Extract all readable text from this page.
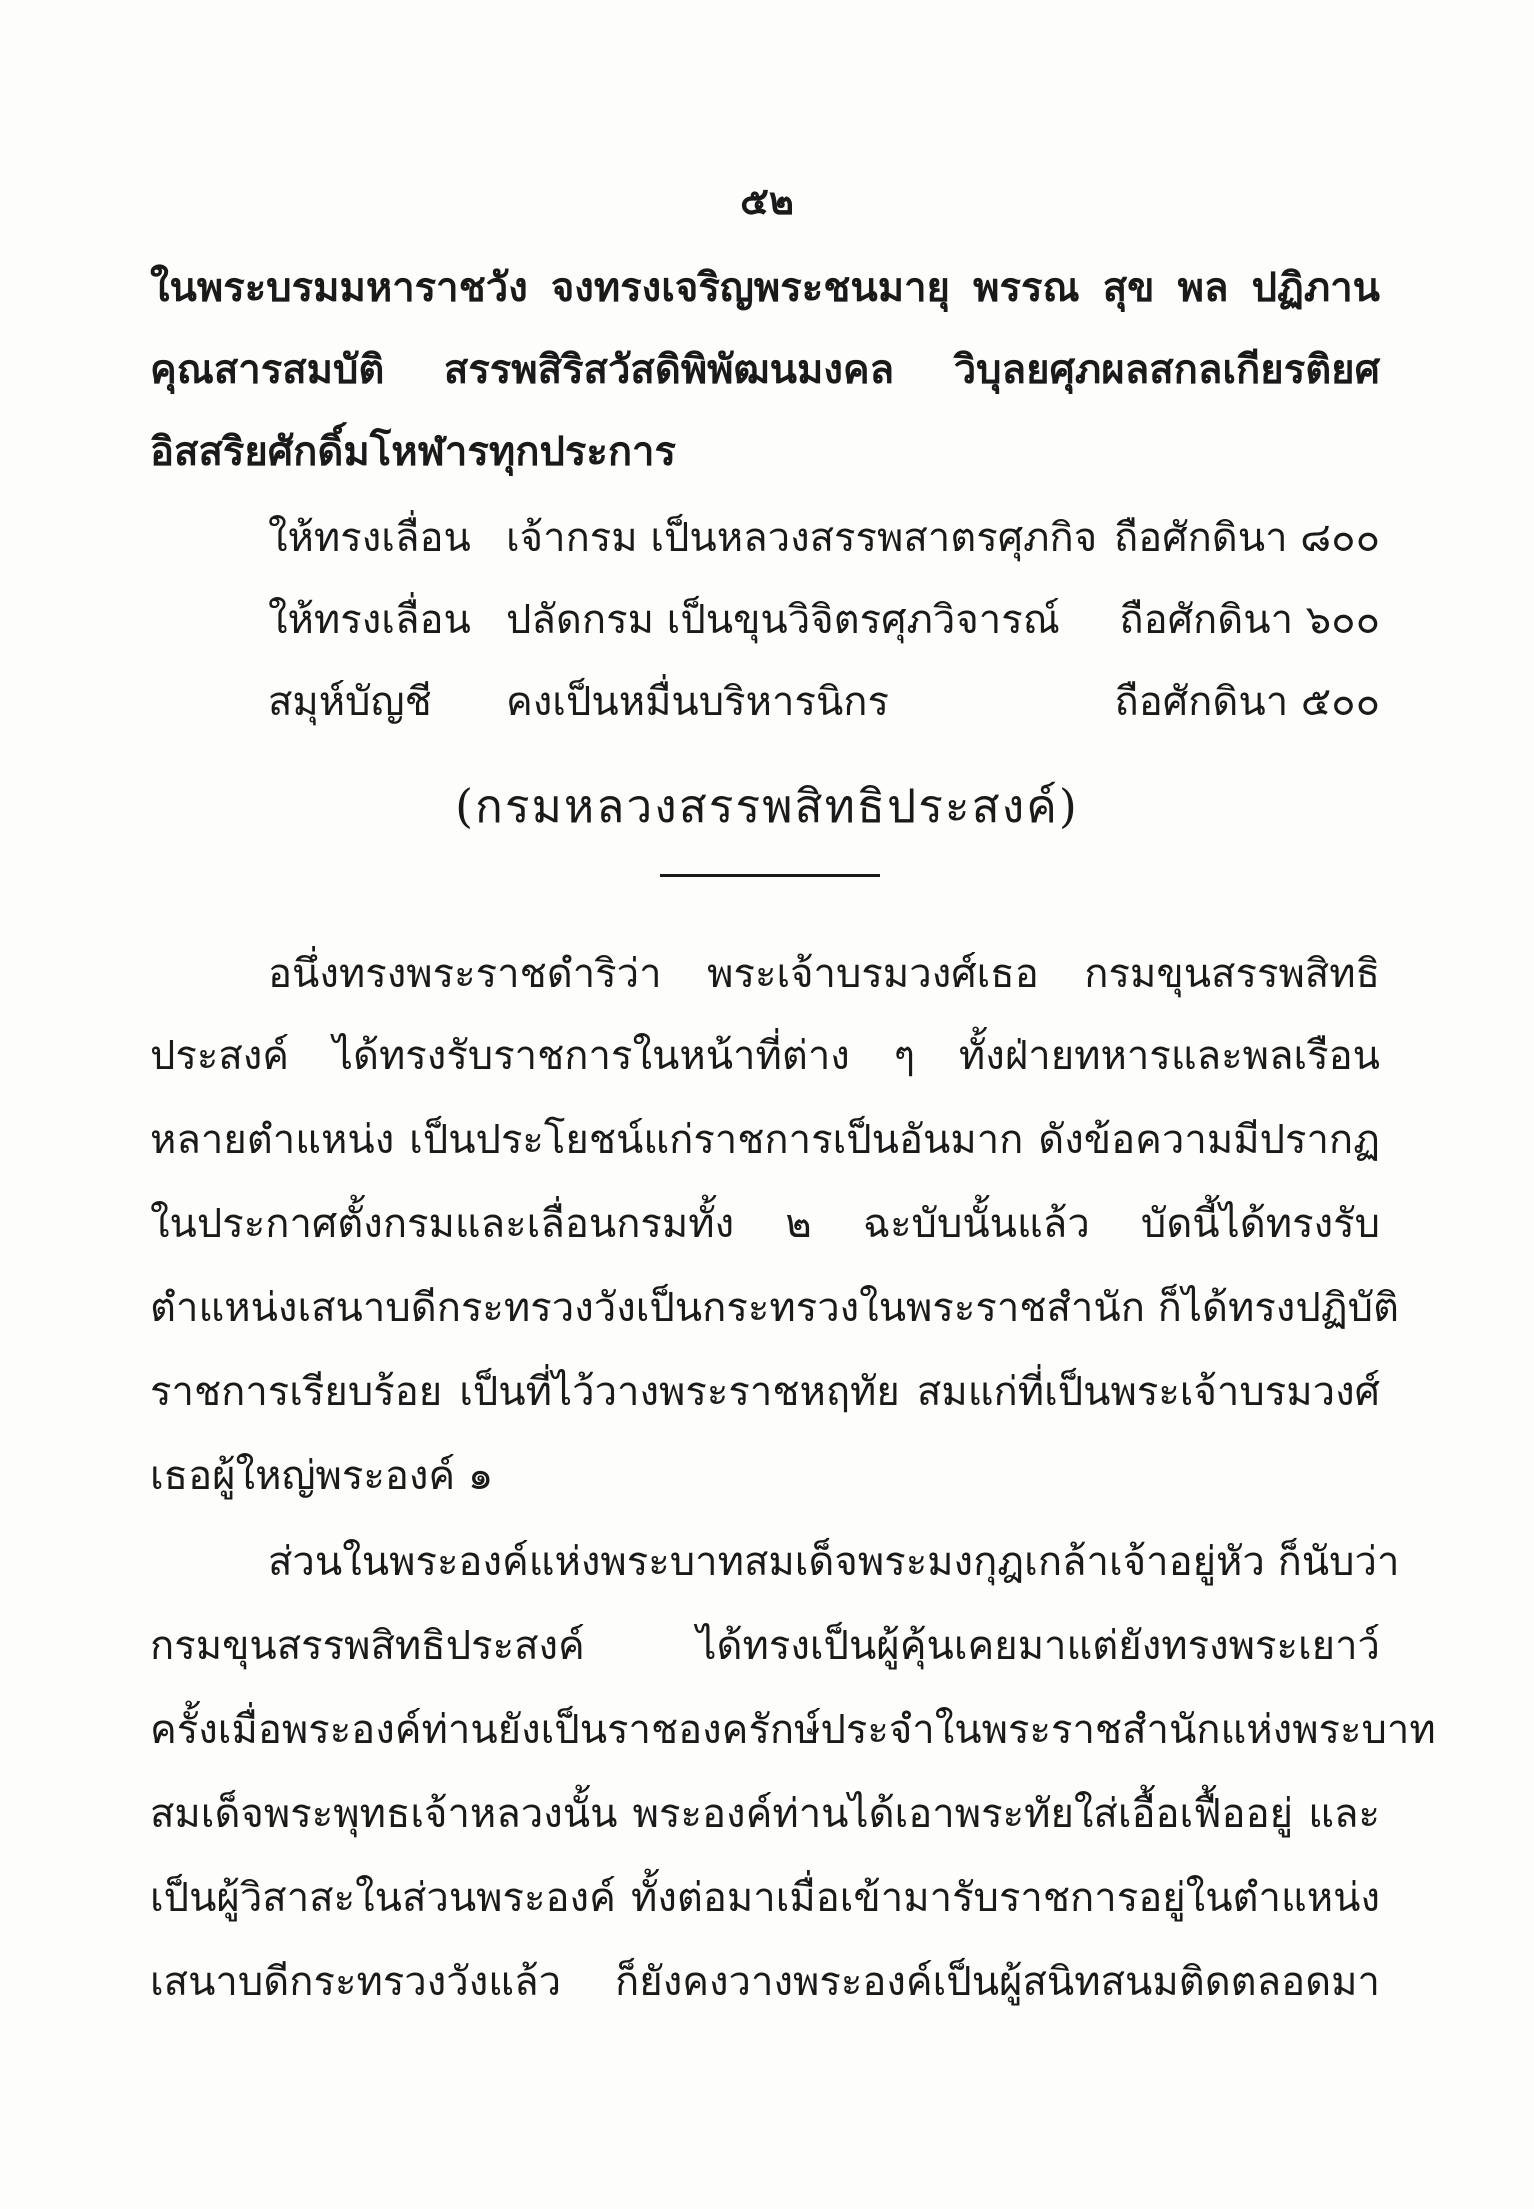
๕๒
ในพระบรมมหาราชวัง จงทรงเจริญพระชนมายุ พรรณ สุข พล ปฏิภาน
คุณสารสมบัติ สรรพสิริสวัสดิพิพัฒนมงคล วิบุลยศุภผลสกลเกียรติยศ
อิสสริยศักดิ์มโหฬารทุกประการ
ให้ทรงเลื่อน เจ้ากรม เป็นหลวงสรรพสาตรศุภกิจ ถือศักดินา ๘๐๐
ให้ทรงเลื่อน ปลัดกรม เป็นขุนวิจิตรศุภวิจารณ์ ถือศักดินา ๖๐๐
สมุห์บัญชี คงเป็นหมื่นบริหารนิกร	ถือศักดินา ๕๐๐
(กรมหลวงสรรพสิทธิประสงค์)
อนึ่งทรงพระราชดำริว่า พระเจ้าบรมวงศ์เธอ กรมขุนสรรพสิทธิ
ประสงค์ ได้ทรงรับราชการในหน้าที่ต่าง ๆ ทั้งฝ่ายทหารและพลเรือน
หลายตำแหน่ง เป็นประโยชน์แก่ราชการเป็นอันมาก ดังข้อความมีปรากฏ
ในประกาศตั้งกรมและเลื่อนกรมทั้ง ๒ ฉะบับนั้นแล้ว บัดนี้ได้ทรงรับ
ตำแหน่งเสนาบดีกระทรวงวังเป็นกระทรวงในพระราชสำนัก ก็ได้ทรงปฏิบัติ
ราชการเรียบร้อย เป็นที่ไว้วางพระราชหฤทัย สมแก่ที่เป็นพระเจ้าบรมวงศ์
เธอผู้ใหญ่พระองค์ ๑
ส่วนในพระองค์แห่งพระบาทสมเด็จพระมงกุฎเกล้าเจ้าอยู่หัว ก็นับว่า
กรมขุนสรรพสิทธิประสงค์ ได้ทรงเป็นผู้คุ้นเคยมาแต่ยังทรงพระเยาว์
ครั้งเมื่อพระองค์ท่านยังเป็นราชองครักษ์ประจำในพระราชสำนักแห่งพระบาท
สมเด็จพระพุทธเจ้าหลวงนั้น พระองค์ท่านได้เอาพระทัยใส่เอื้อเฟื้ออยู่ และ
เป็นผู้วิสาสะในส่วนพระองค์ ทั้งต่อมาเมื่อเข้ามารับราชการอยู่ในตำแหน่ง
เสนาบดีกระทรวงวังแล้ว ก็ยังคงวางพระองค์เป็นผู้สนิทสนมติดตลอดมา
